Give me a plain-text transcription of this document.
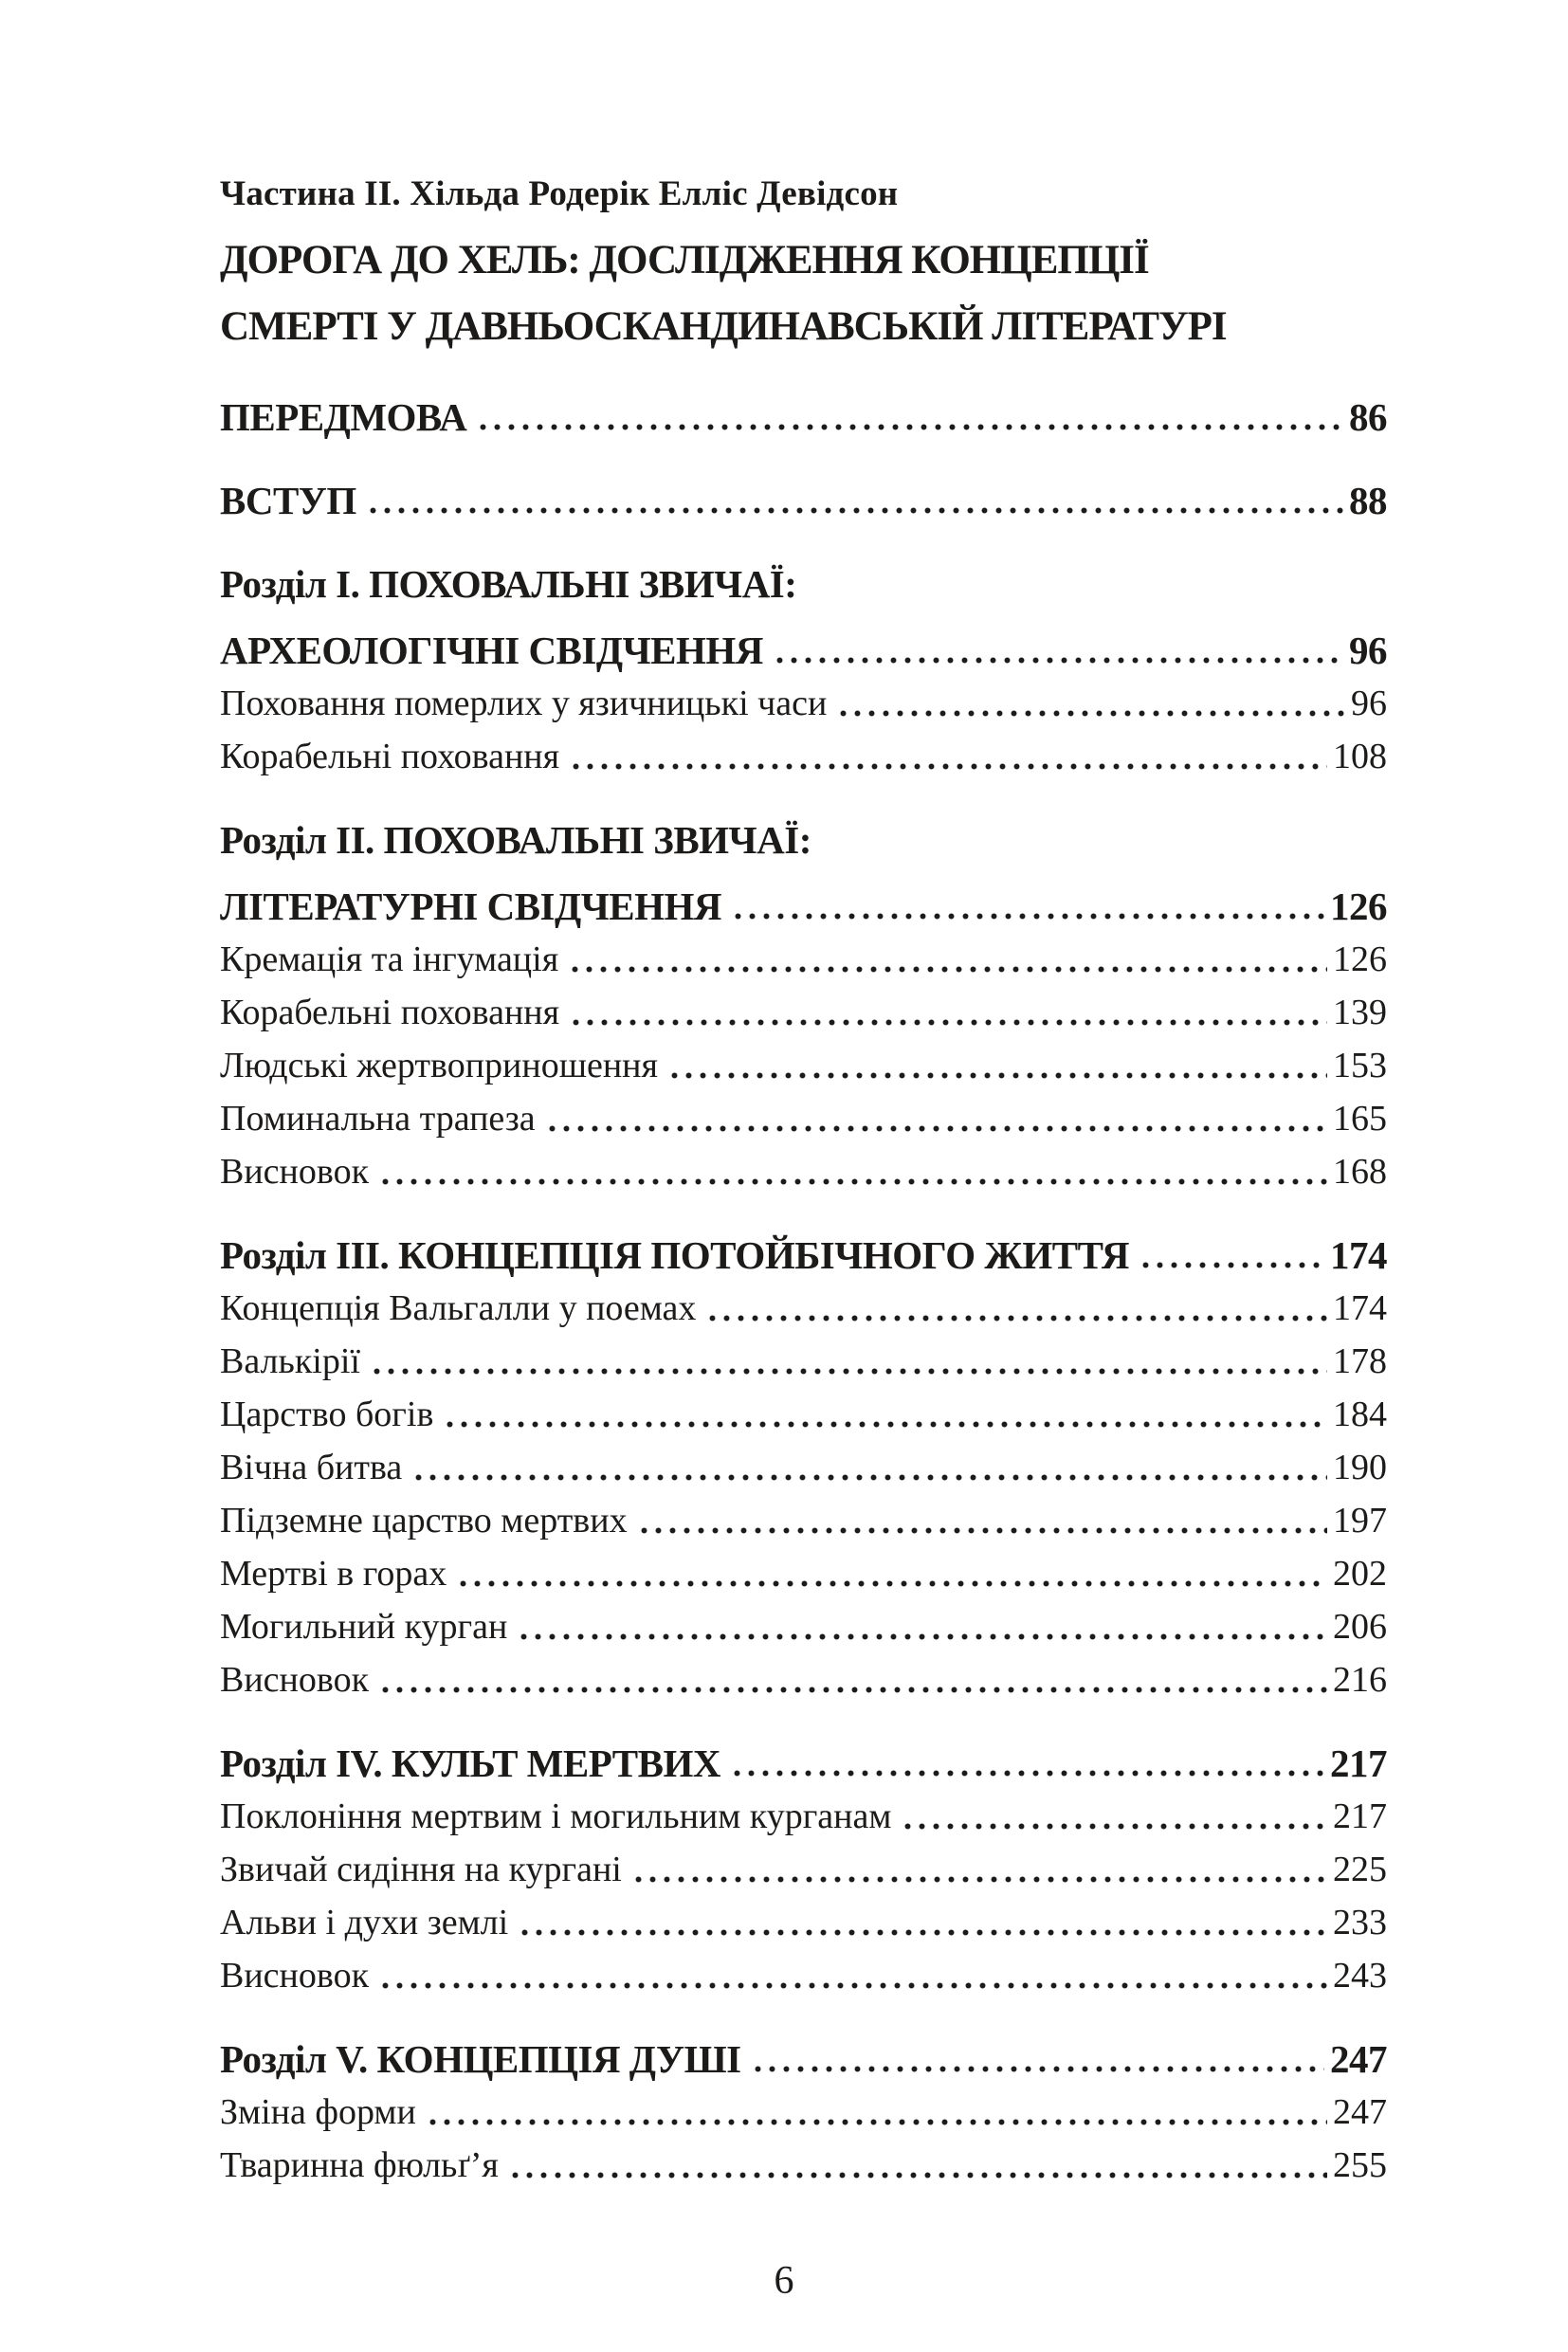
Частина II. Хільда Родерік Елліс Девідсон
ДОРОГА ДО ХЕЛЬ: ДОСЛІДЖЕННЯ КОНЦЕПЦІЇ
СМЕРТІ У ДАВНЬОСКАНДИНАВСЬКІЙ ЛІТЕРАТУРІ
ПЕРЕДМОВА	86
ВСТУП	88
Розділ I. ПОХОВАЛЬНІ ЗВИЧАЇ:
АРХЕОЛОГІЧНІ СВІДЧЕННЯ	96
Поховання померлих у язичницькі часи	96
Корабельні поховання	108
Розділ II. ПОХОВАЛЬНІ ЗВИЧАЇ:
ЛІТЕРАТУРНІ СВІДЧЕННЯ	126
Кремація та інгумація	126
Корабельні поховання	139
Людські жертвоприношення	153
Поминальна трапеза	165
Висновок	168
Розділ III. КОНЦЕПЦІЯ ПОТОЙБІЧНОГО ЖИТТЯ	174
Концепція Вальгалли у поемах	174
Валькірії	178
Царство богів	184
Вічна битва	190
Підземне царство мертвих	197
Мертві в горах	202
Могильний курган	206
Висновок	216
Розділ IV. КУЛЬТ МЕРТВИХ	217
Поклоніння мертвим і могильним курганам	217
Звичай сидіння на кургані	225
Альви і духи землі	233
Висновок	243
Розділ V. КОНЦЕПЦІЯ ДУШІ	247
Зміна форми	247
Тваринна фюльґ’я	255
6
